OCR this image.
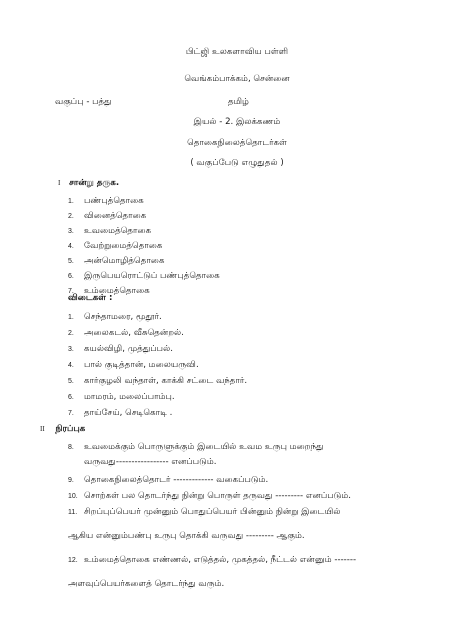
பிட்ஜி உலகளாவிய பள்ளி
வெங்கம்பாக்கம், சென்னை
வகுப்பு - பத்து	தமிழ்
இயல் - 2. இலக்கணம்
தொகைநிலைத்தொடர்கள்
( வகுப்பேடு எழுதுதல் )
I சான்று தருக.
1. பண்புத்தொகை
2. வினைத்தொகை
3. உவமைத்தொகை
4. வேற்றுமைத்தொகை
5. அன்மொழித்தொகை
6. இருபெயரொட்டுப் பண்புத்தொகை
7. உம்மைத்தொகை
விடைகள் :
1. செந்தாமரை, மூதூர்.
2. அலைகடல், வீசுதென்றல்.
3. கயல்விழி, முத்துப்பல்.
4. பால் குடித்தான், மலையருவி.
5. கார்குழலி வந்தாள், காக்கி சட்டை வந்தார்.
6. மாமரம், மலைப்பாம்பு.
7. தாய்சேய், செடிகொடி .
II நிரப்புக
8. உவமைக்கும் பொருளுக்கும் இடையில் உவம உருபு மறைந்து
வருவது----------------- எனப்படும்.
9. தொகைநிலைத்தொடர் ------------- வகைப்படும்.
10. சொற்கள் பல தொடர்ந்து நின்று பொருள் தருவது --------- எனப்படும்.
11. சிறப்புப்பெயர் முன்னும் பொதுப்பெயர் பின்னும் நின்று இடையில்
ஆகிய என்னும்பண்பு உருபு தொக்கி வருவது --------- ஆகும்.
12. உம்மைத்தொகை எண்ணல், எடுத்தல், முகத்தல், நீட்டல் என்னும் -------
அளவுப்பெயர்களைத் தொடர்ந்து வரும்.
